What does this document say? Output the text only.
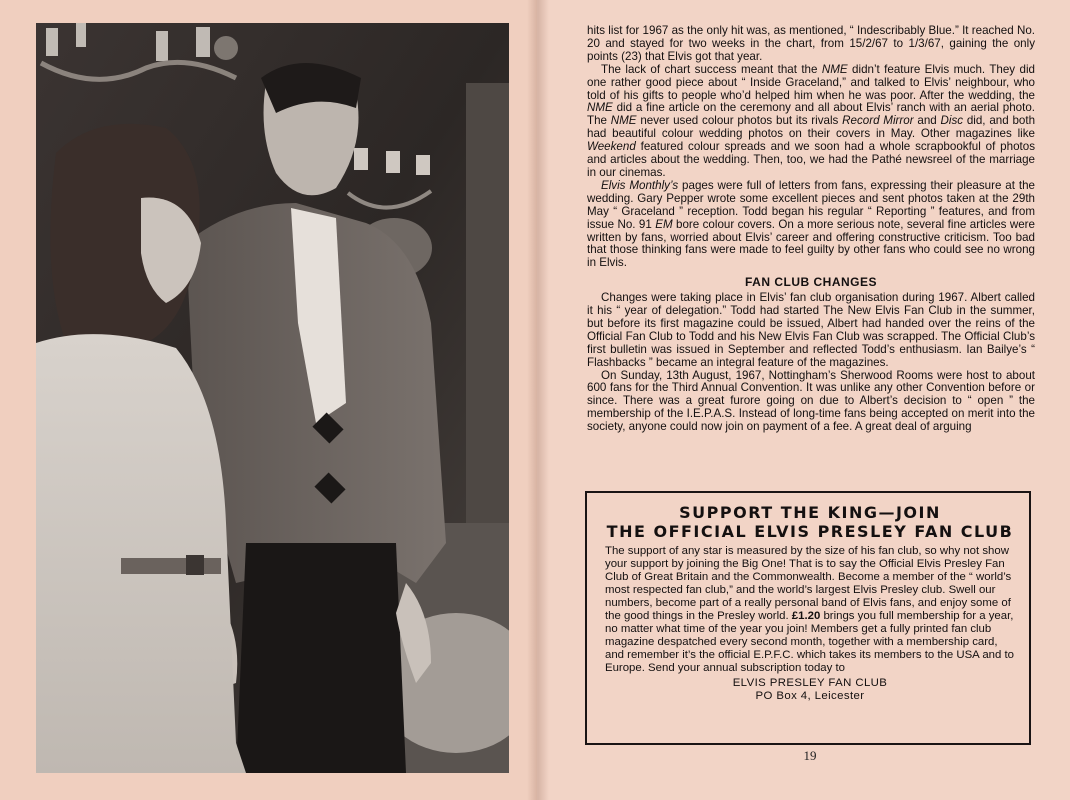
hits list for 1967 as the only hit was, as mentioned, “ Indescribably Blue.” It reached No. 20 and stayed for two weeks in the chart, from 15/2/67 to 1/3/67, gaining the only points (23) that Elvis got that year.

The lack of chart success meant that the NME didn’t feature Elvis much. They did one rather good piece about “ Inside Graceland,” and talked to Elvis’ neighbour, who told of his gifts to people who’d helped him when he was poor. After the wedding, the NME did a fine article on the ceremony and all about Elvis’ ranch with an aerial photo. The NME never used colour photos but its rivals Record Mirror and Disc did, and both had beautiful colour wedding photos on their covers in May. Other magazines like Weekend featured colour spreads and we soon had a whole scrapbookful of photos and articles about the wedding. Then, too, we had the Pathé newsreel of the marriage in our cinemas.

Elvis Monthly’s pages were full of letters from fans, expressing their pleasure at the wedding. Gary Pepper wrote some excellent pieces and sent photos taken at the 29th May “ Graceland ” reception. Todd began his regular “ Reporting ” features, and from issue No. 91 EM bore colour covers. On a more serious note, several fine articles were written by fans, worried about Elvis’ career and offering constructive criticism. Too bad that those thinking fans were made to feel guilty by other fans who could see no wrong in Elvis.

FAN CLUB CHANGES

Changes were taking place in Elvis’ fan club organisation during 1967. Albert called it his “ year of delegation.” Todd had started The New Elvis Fan Club in the summer, but before its first magazine could be issued, Albert had handed over the reins of the Official Fan Club to Todd and his New Elvis Fan Club was scrapped. The Official Club’s first bulletin was issued in September and reflected Todd’s enthusiasm. Ian Bailye’s “ Flashbacks ” became an integral feature of the magazines.

On Sunday, 13th August, 1967, Nottingham’s Sherwood Rooms were host to about 600 fans for the Third Annual Convention. It was unlike any other Convention before or since. There was a great furore going on due to Albert’s decision to “ open ” the membership of the I.E.P.A.S. Instead of long-time fans being accepted on merit into the society, anyone could now join on payment of a fee. A great deal of arguing

SUPPORT THE KING—JOIN
THE OFFICIAL ELVIS PRESLEY FAN CLUB
The support of any star is measured by the size of his fan club, so why not show your support by joining the Big One! That is to say the Official Elvis Presley Fan Club of Great Britain and the Commonwealth. Become a member of the “ world’s most respected fan club,” and the world’s largest Elvis Presley club. Swell our numbers, become part of a really personal band of Elvis fans, and enjoy some of the good things in the Presley world. £1.20 brings you full membership for a year, no matter what time of the year you join! Members get a fully printed fan club magazine despatched every second month, together with a membership card, and remember it’s the official E.P.F.C. which takes its members to the USA and to Europe. Send your annual subscription today to
ELVIS PRESLEY FAN CLUB
PO Box 4, Leicester
19
